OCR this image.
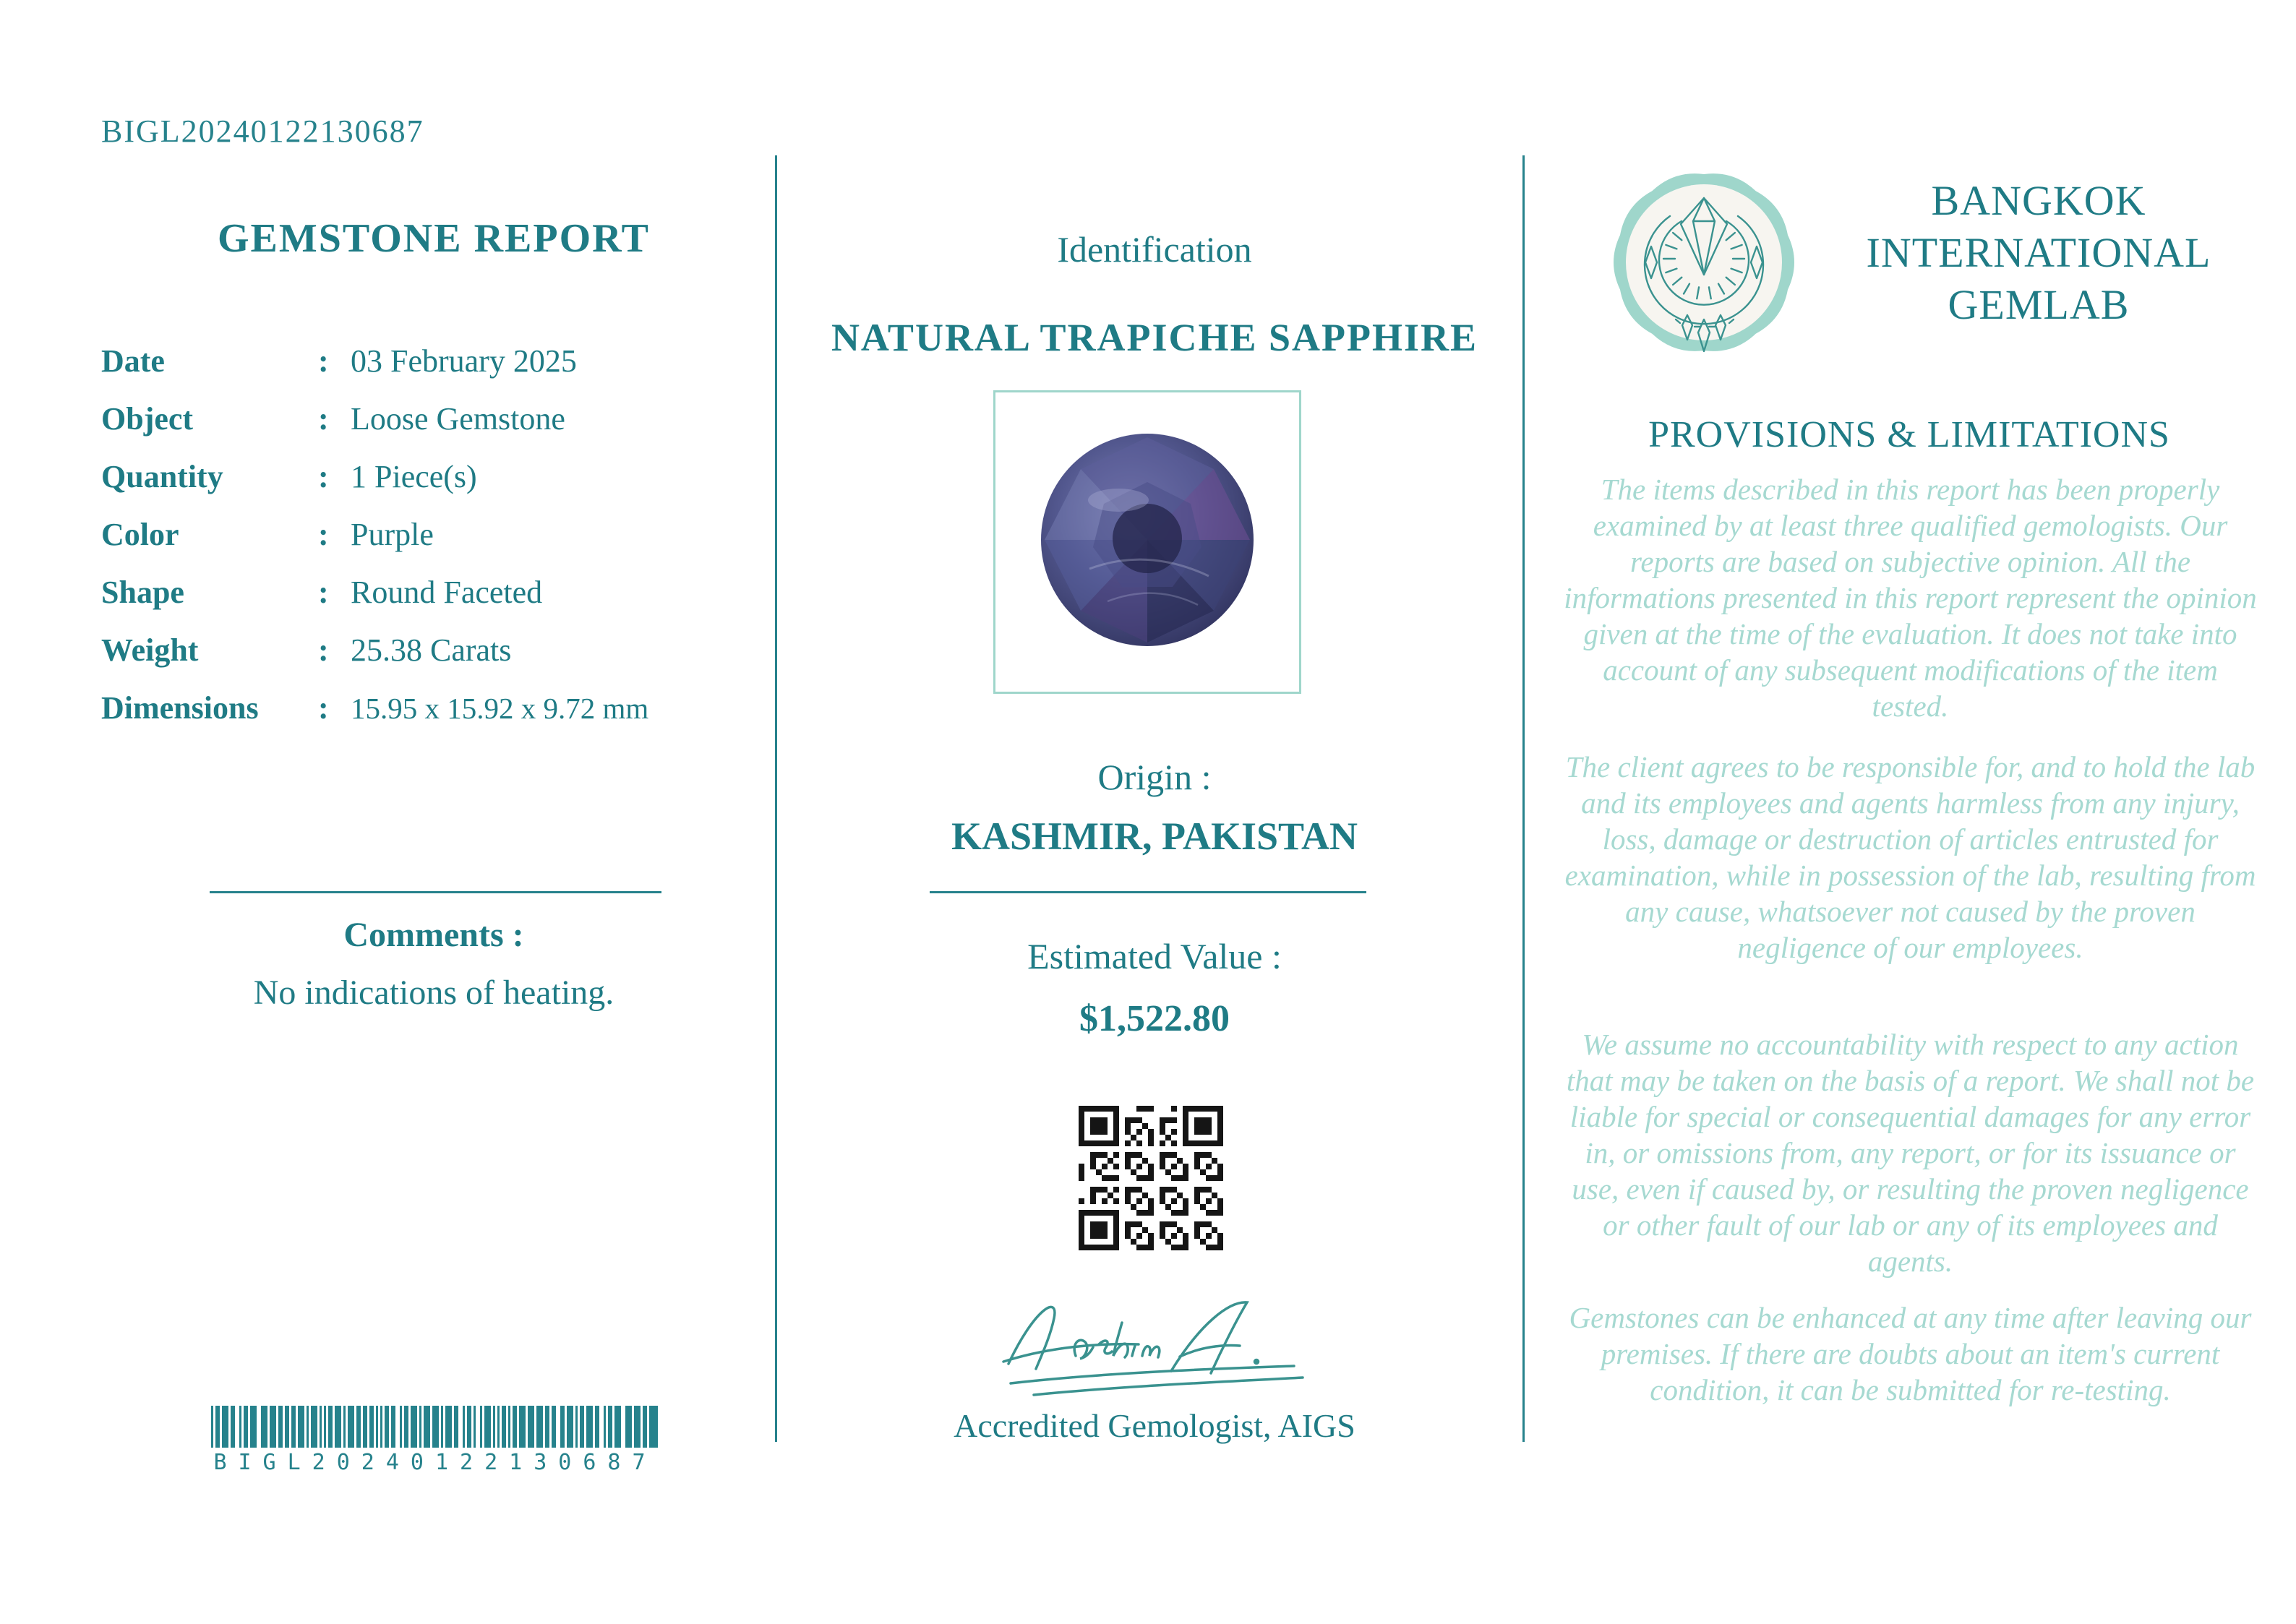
BIGL20240122130687
GEMSTONE REPORT
Date	: 03 February 2025
Object	: Loose Gemstone
Quantity	: 1 Piece(s)
Color	: Purple
Shape	: Round Faceted
Weight	: 25.38 Carats
Dimensions : 15.95 x 15.92 x 9.72 mm
Comments :
No indications of heating.
BIGL20240122130687
Identification
NATURAL TRAPICHE SAPPHIRE
Origin :
KASHMIR, PAKISTAN
Estimated Value :
$1,522.80
Accredited Gemologist, AIGS
BANGKOK
INTERNATIONAL
GEMLAB
PROVISIONS & LIMITATIONS

The items described in this report has been properly examined by at least three qualified gemologists. Our reports are based on subjective opinion. All the informations presented in this report represent the opinion given at the time of the evaluation. It does not take into account of any subsequent modifications of the item tested.

The client agrees to be responsible for, and to hold the lab and its employees and agents harmless from any injury, loss, damage or destruction of articles entrusted for examination, while in possession of the lab, resulting from any cause, whatsoever not caused by the proven negligence of our employees.

We assume no accountability with respect to any action that may be taken on the basis of a report. We shall not be liable for special or consequential damages for any error in, or omissions from, any report, or for its issuance or use, even if caused by, or resulting the proven negligence or other fault of our lab or any of its employees and agents.

Gemstones can be enhanced at any time after leaving our premises. If there are doubts about an item's current condition, it can be submitted for re-testing.
